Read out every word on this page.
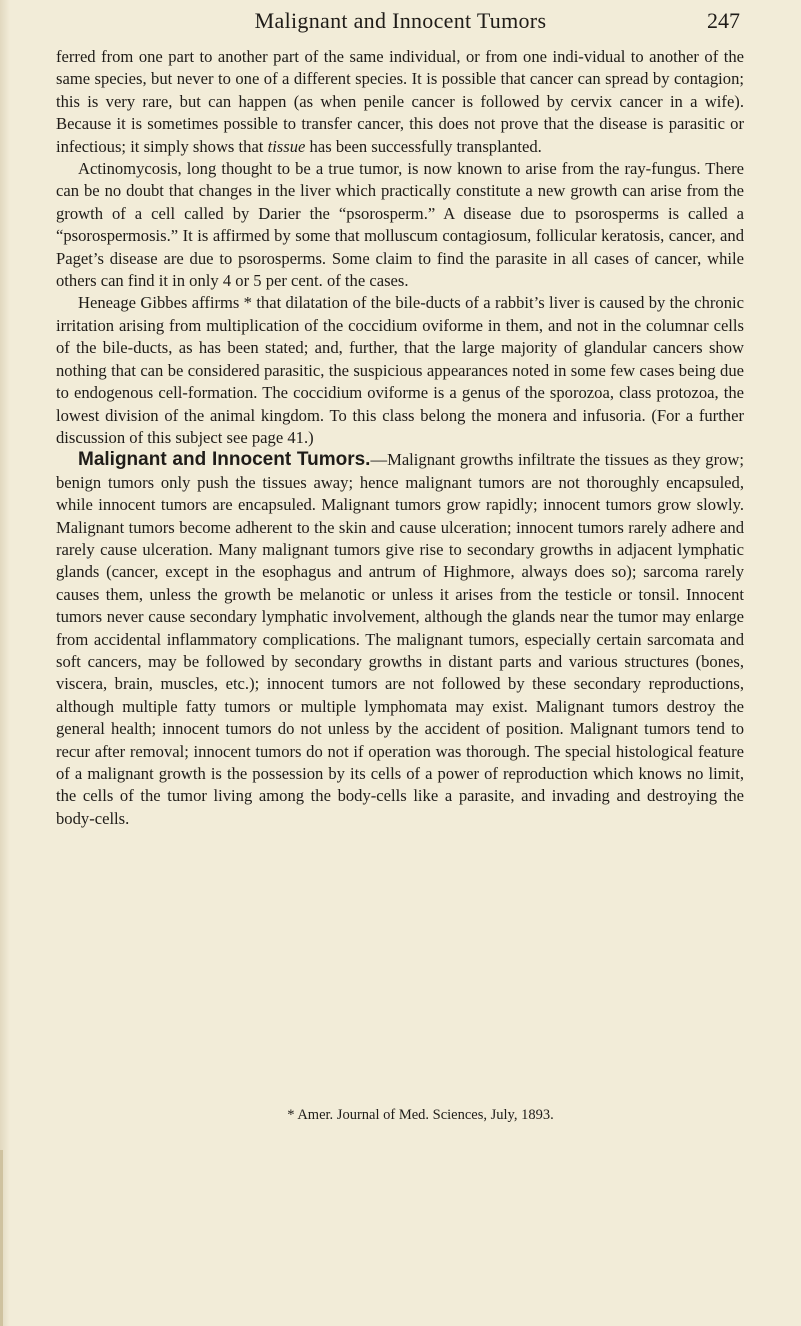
Malignant and Innocent Tumors	247

ferred from one part to another part of the same individual, or from one indi-vidual to another of the same species, but never to one of a different species. It is possible that cancer can spread by contagion; this is very rare, but can happen (as when penile cancer is followed by cervix cancer in a wife). Because it is sometimes possible to transfer cancer, this does not prove that the disease is parasitic or infectious; it simply shows that tissue has been successfully transplanted.

Actinomycosis, long thought to be a true tumor, is now known to arise from the ray-fungus. There can be no doubt that changes in the liver which practically constitute a new growth can arise from the growth of a cell called by Darier the “psorosperm.” A disease due to psorosperms is called a “psorospermosis.” It is affirmed by some that molluscum contagiosum, follicular keratosis, cancer, and Paget’s disease are due to psorosperms. Some claim to find the parasite in all cases of cancer, while others can find it in only 4 or 5 per cent. of the cases.

Heneage Gibbes affirms * that dilatation of the bile-ducts of a rabbit’s liver is caused by the chronic irritation arising from multiplication of the coccidium oviforme in them, and not in the columnar cells of the bile-ducts, as has been stated; and, further, that the large majority of glandular cancers show nothing that can be considered parasitic, the suspicious appearances noted in some few cases being due to endogenous cell-formation. The coccidium oviforme is a genus of the sporozoa, class protozoa, the lowest division of the animal kingdom. To this class belong the monera and infusoria. (For a further discussion of this subject see page 41.)

Malignant and Innocent Tumors.—Malignant growths infiltrate the tissues as they grow; benign tumors only push the tissues away; hence malignant tumors are not thoroughly encapsuled, while innocent tumors are encapsuled. Malignant tumors grow rapidly; innocent tumors grow slowly. Malignant tumors become adherent to the skin and cause ulceration; innocent tumors rarely adhere and rarely cause ulceration. Many malignant tumors give rise to secondary growths in adjacent lymphatic glands (cancer, except in the esophagus and antrum of Highmore, always does so); sarcoma rarely causes them, unless the growth be melanotic or unless it arises from the testicle or tonsil. Innocent tumors never cause secondary lymphatic involvement, although the glands near the tumor may enlarge from accidental inflammatory complications. The malignant tumors, especially certain sarcomata and soft cancers, may be followed by secondary growths in distant parts and various structures (bones, viscera, brain, muscles, etc.); innocent tumors are not followed by these secondary reproductions, although multiple fatty tumors or multiple lymphomata may exist. Malignant tumors destroy the general health; innocent tumors do not unless by the accident of position. Malignant tumors tend to recur after removal; innocent tumors do not if operation was thorough. The special histological feature of a malignant growth is the possession by its cells of a power of reproduction which knows no limit, the cells of the tumor living among the body-cells like a parasite, and invading and destroying the body-cells.

* Amer. Journal of Med. Sciences, July, 1893.
